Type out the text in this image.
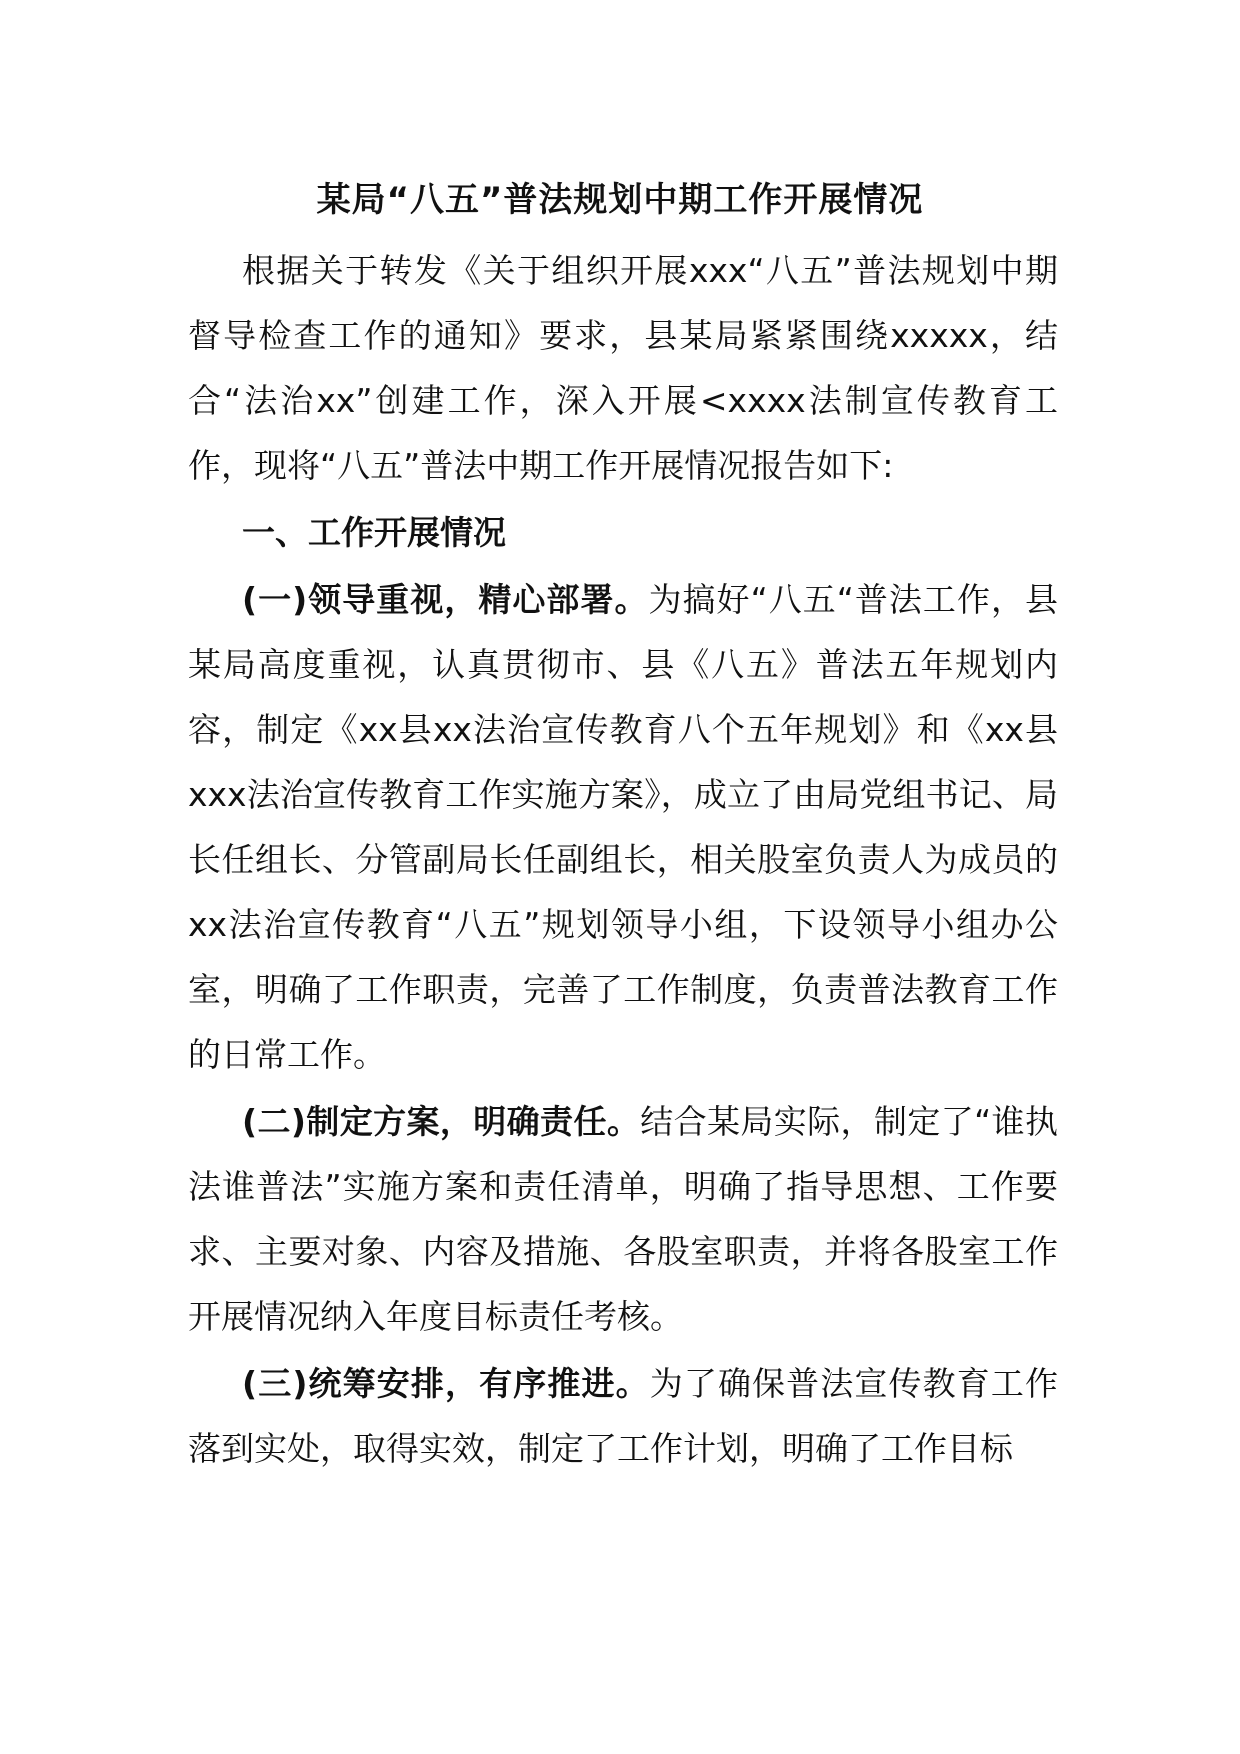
某局“八五”普法规划中期工作开展情况

根据关于转发《关于组织开展xxx“八五”普法规划中期督导检查工作的通知》要求，县某局紧紧围绕xxxxx，结合“法治xx”创建工作，深入开展<xxxx法制宣传教育工作，现将“八五”普法中期工作开展情况报告如下:

一、工作开展情况

(一)领导重视，精心部署。为搞好“八五“普法工作，县某局高度重视，认真贯彻市、县《八五》普法五年规划内容，制定《xx县xx法治宣传教育八个五年规划》和《xx县xxx法治宣传教育工作实施方案》，成立了由局党组书记、局长任组长、分管副局长任副组长，相关股室负责人为成员的xx法治宣传教育“八五”规划领导小组，下设领导小组办公室，明确了工作职责，完善了工作制度，负责普法教育工作的日常工作。

(二)制定方案，明确责任。结合某局实际，制定了“谁执法谁普法”实施方案和责任清单，明确了指导思想、工作要求、主要对象、内容及措施、各股室职责，并将各股室工作开展情况纳入年度目标责任考核。

(三)统筹安排，有序推进。为了确保普法宣传教育工作落到实处，取得实效，制定了工作计划，明确了工作目标
